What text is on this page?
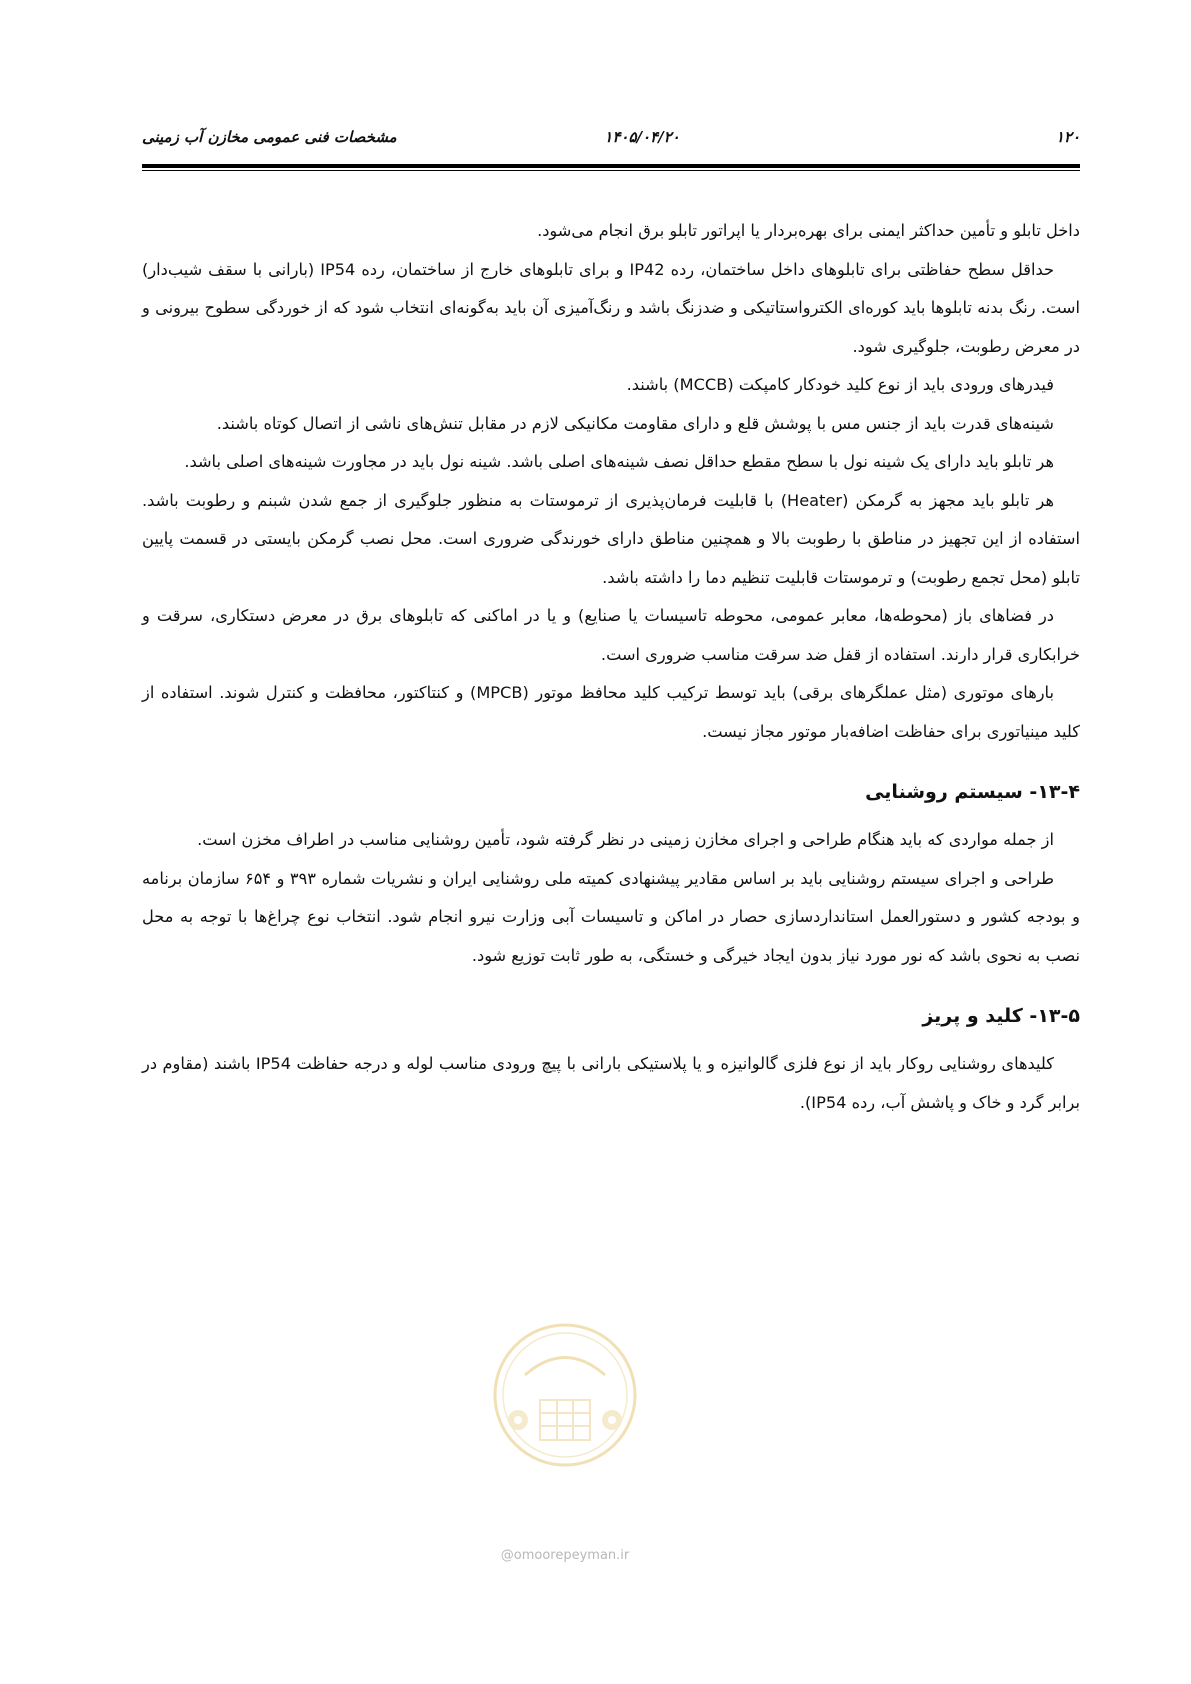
۱۲۰
۱۴۰۵/۰۴/۲۰
مشخصات فنی عمومی مخازن آب زمینی

داخل تابلو و تأمین حداکثر ایمنی برای بهره‌بردار یا اپراتور تابلو برق انجام می‌شود.

حداقل سطح حفاظتی برای تابلوهای داخل ساختمان، رده IP42 و برای تابلوهای خارج از ساختمان، رده IP54 (بارانی با سقف شیب‌دار) است. رنگ بدنه تابلوها باید کوره‌ای الکترواستاتیکی و ضدزنگ باشد و رنگ‌آمیزی آن باید به‌گونه‌ای انتخاب شود که از خوردگی سطوح بیرونی و در معرض رطوبت، جلوگیری شود.

فیدرهای ورودی باید از نوع کلید خودکار کامپکت (MCCB) باشند.

شینه‌های قدرت باید از جنس مس با پوشش قلع و دارای مقاومت مکانیکی لازم در مقابل تنش‌های ناشی از اتصال کوتاه باشند.

هر تابلو باید دارای یک شینه نول با سطح مقطع حداقل نصف شینه‌های اصلی باشد. شینه نول باید در مجاورت شینه‌های اصلی باشد.

هر تابلو باید مجهز به گرمکن (Heater) با قابلیت فرمان‌پذیری از ترموستات به منظور جلوگیری از جمع شدن شبنم و رطوبت باشد. استفاده از این تجهیز در مناطق با رطوبت بالا و همچنین مناطق دارای خورندگی ضروری است. محل نصب گرمکن بایستی در قسمت پایین تابلو (محل تجمع رطوبت) و ترموستات قابلیت تنظیم دما را داشته باشد.

در فضاهای باز (محوطه‌ها، معابر عمومی، محوطه تاسیسات یا صنایع) و یا در اماکنی که تابلوهای برق در معرض دستکاری، سرقت و خرابکاری قرار دارند. استفاده از قفل ضد سرقت مناسب ضروری است.

بارهای موتوری (مثل عملگرهای برقی) باید توسط ترکیب کلید محافظ موتور (MPCB) و کنتاکتور، محافظت و کنترل شوند. استفاده از کلید مینیاتوری برای حفاظت اضافه‌بار موتور مجاز نیست.

۱۳-۴- سیستم روشنایی

از جمله مواردی که باید هنگام طراحی و اجرای مخازن زمینی در نظر گرفته شود، تأمین روشنایی مناسب در اطراف مخزن است.

طراحی و اجرای سیستم روشنایی باید بر اساس مقادیر پیشنهادی کمیته ملی روشنایی ایران و نشریات شماره ۳۹۳ و ۶۵۴ سازمان برنامه و بودجه کشور و دستورالعمل استانداردسازی حصار در اماکن و تاسیسات آبی وزارت نیرو انجام شود. انتخاب نوع چراغ‌ها با توجه به محل نصب به نحوی باشد که نور مورد نیاز بدون ایجاد خیرگی و خستگی، به طور ثابت توزیع شود.

۱۳-۵- کلید و پریز

کلیدهای روشنایی روکار باید از نوع فلزی گالوانیزه و یا پلاستیکی بارانی با پیچ ورودی مناسب لوله و درجه حفاظت IP54 باشند (مقاوم در برابر گرد و خاک و پاشش آب، رده IP54).

@omoorepeyman.ir
